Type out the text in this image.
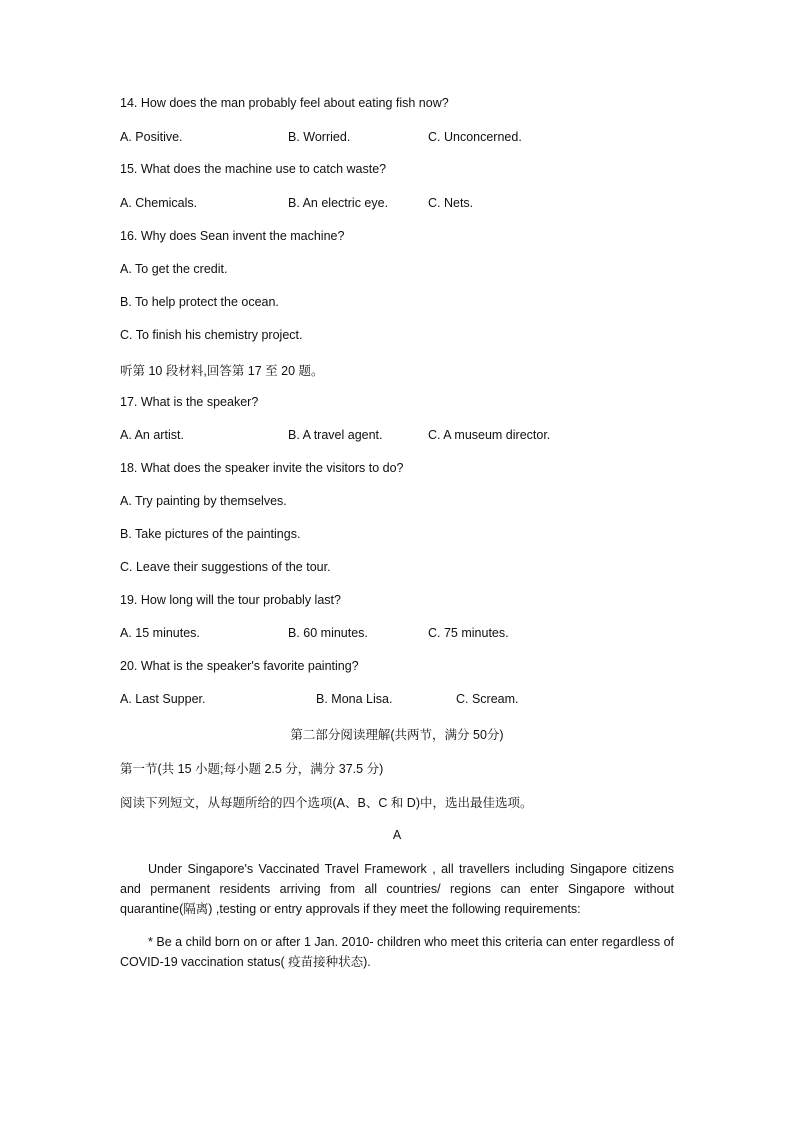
14. How does the man probably feel about eating fish now?
A. Positive.	B. Worried.	C. Unconcerned.
15. What does the machine use to catch waste?
A. Chemicals.	B. An electric eye.	C. Nets.
16. Why does Sean invent the machine?
A. To get the credit.
B. To help protect the ocean.
C. To finish his chemistry project.
听第 10 段材料,回答第 17 至 20 题。
17. What is the speaker?
A. An artist.	B. A travel agent.	C. A museum director.
18. What does the speaker invite the visitors to do?
A. Try painting by themselves.
B. Take pictures of the paintings.
C. Leave their suggestions of the tour.
19. How long will the tour probably last?
A. 15 minutes.	B. 60 minutes.	C. 75 minutes.
20. What is the speaker's favorite painting?
A. Last Supper.	B. Mona Lisa.	C. Scream.
第二部分阅读理解(共两节，满分 50分)
第一节(共 15 小题;每小题 2.5 分，满分 37.5 分)
阅读下列短文，从每题所给的四个选项(A、B、C 和 D)中，选出最佳选项。
A
Under Singapore's Vaccinated Travel Framework , all travellers including Singapore citizens and permanent residents arriving from all countries/ regions can enter Singapore without quarantine(隔离) ,testing or entry approvals if they meet the following requirements:
* Be a child born on or after 1 Jan. 2010- children who meet this criteria can enter regardless of COVID-19 vaccination status( 疫苗接种状态).
